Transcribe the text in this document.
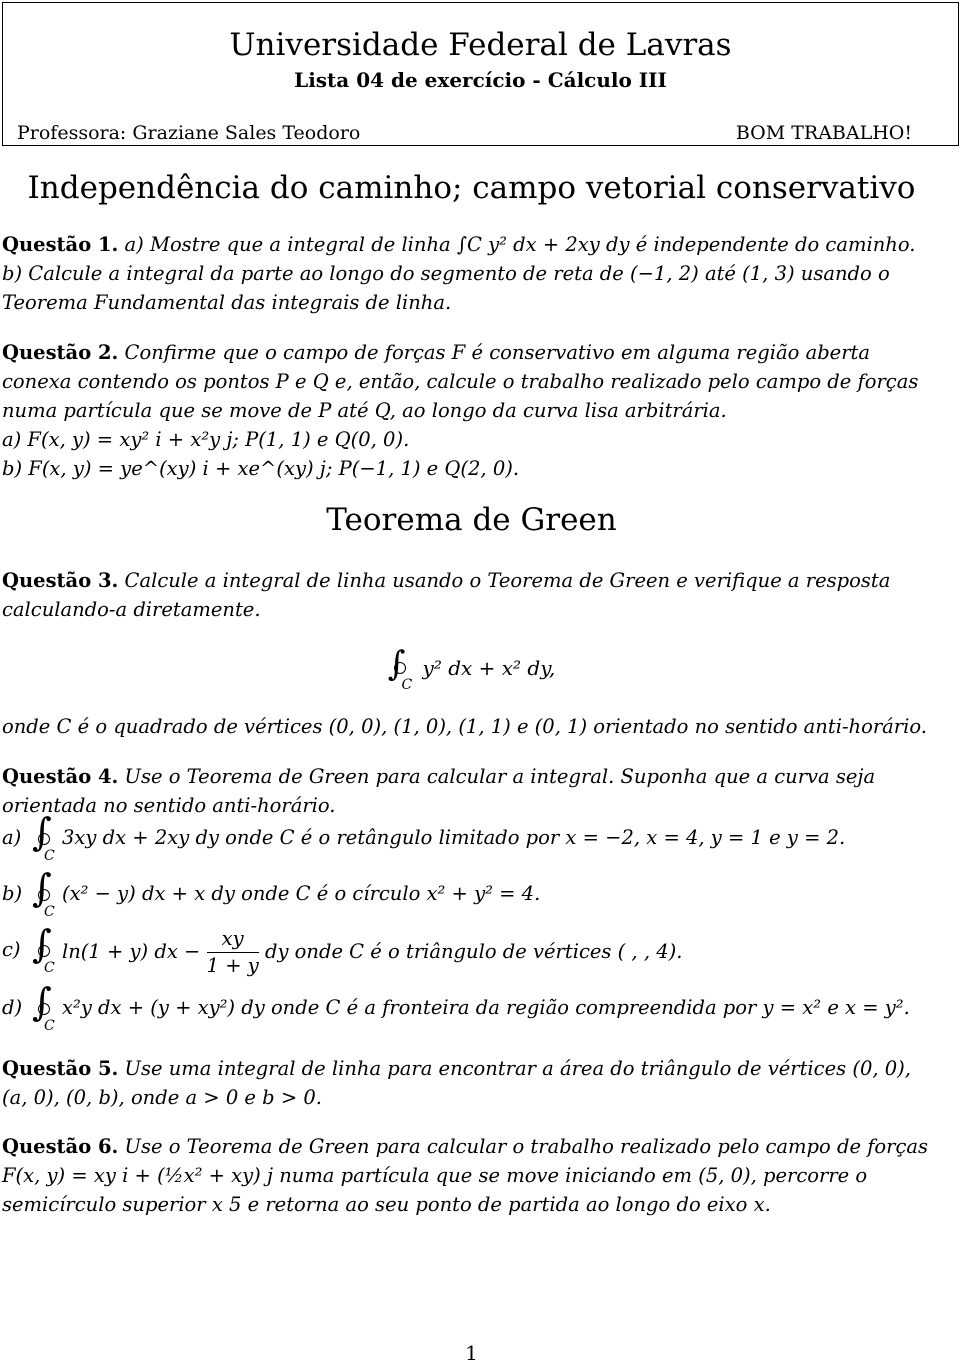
Universidade Federal de Lavras
Lista 04 de exercício - Cálculo III
Professora: Graziane Sales Teodoro	BOM TRABALHO!
Independência do caminho; campo vetorial conservativo
Questão 1. a) Mostre que a integral de linha ∫C y² dx + 2xy dy é independente do caminho.
b) Calcule a integral da parte ao longo do segmento de reta de (−1, 2) até (1, 3) usando o
Teorema Fundamental das integrais de linha.
Questão 2. Confirme que o campo de forças F é conservativo em alguma região aberta
conexa contendo os pontos P e Q e, então, calcule o trabalho realizado pelo campo de forças
numa partícula que se move de P até Q, ao longo da curva lisa arbitrária.
a) F(x, y) = xy² i + x²y j; P(1, 1) e Q(0, 0).
b) F(x, y) = ye^(xy) i + xe^(xy) j; P(−1, 1) e Q(2, 0).
Teorema de Green
Questão 3. Calcule a integral de linha usando o Teorema de Green e verifique a resposta
calculando-a diretamente.
∫
$_C$ y² dx + x² dy,
onde C é o quadrado de vértices (0, 0), (1, 0), (1, 1) e (0, 1) orientado no sentido anti-horário.
Questão 4. Use o Teorema de Green para calcular a integral. Suponha que a curva seja
orientada no sentido anti-horário.
a) ∫
C
3xy dx + 2xy dy onde C é o retângulo limitado por x = −2, x = 4, y = 1 e y = 2.
b) ∫
C
(x² − y) dx + x dy onde C é o círculo x² + y² = 4.
c) ∫
C
ln(1 + y) dx − $\frac{xy}{1 + y}$ dy onde C é o triângulo de vértices ( , , 4).
d) ∫
C
x²y dx + (y + xy²) dy onde C é a fronteira da região compreendida por y = x² e x = y².
Questão 5. Use uma integral de linha para encontrar a área do triângulo de vértices (0, 0),
(a, 0), (0, b), onde a > 0 e b > 0.
Questão 6. Use o Teorema de Green para calcular o trabalho realizado pelo campo de forças
F(x, y) = xy i + (½x² + xy) j numa partícula que se move iniciando em (5, 0), percorre o
semicírculo superior x 5 e retorna ao seu ponto de partida ao longo do eixo x.
1
